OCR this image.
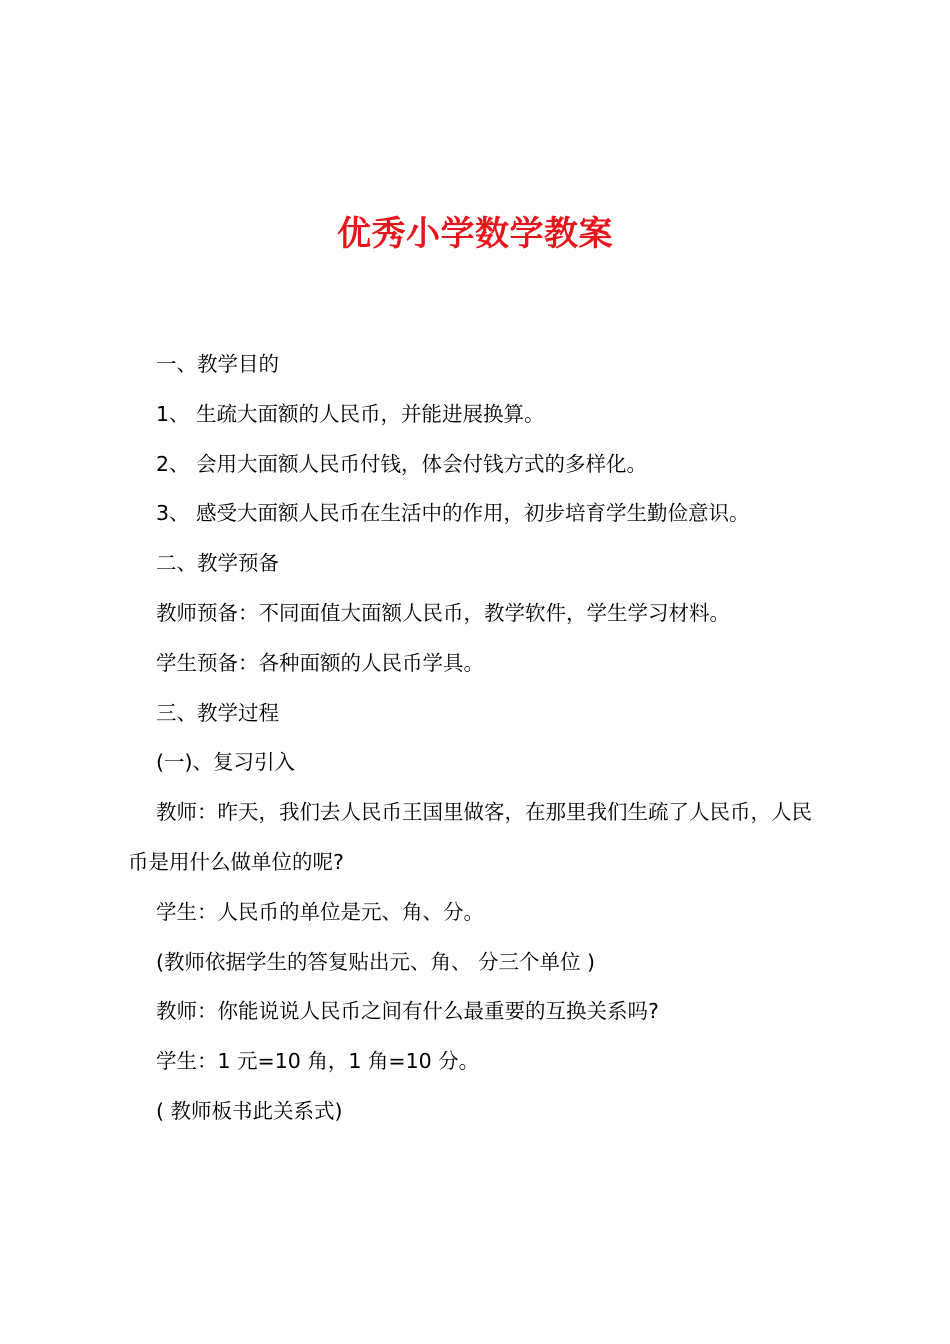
优秀小学数学教案

一、教学目的

1、 生疏大面额的人民币，并能进展换算。

2、 会用大面额人民币付钱，体会付钱方式的多样化。

3、 感受大面额人民币在生活中的作用，初步培育学生勤俭意识。

二、教学预备

教师预备：不同面值大面额人民币，教学软件，学生学习材料。

学生预备：各种面额的人民币学具。

三、教学过程

(一)、复习引入

教师：昨天，我们去人民币王国里做客，在那里我们生疏了人民币，人民币是用什么做单位的呢?

学生：人民币的单位是元、角、分。

(教师依据学生的答复贴出元、角、 分三个单位 )

教师：你能说说人民币之间有什么最重要的互换关系吗?

学生：1 元=10 角，1 角=10 分。

( 教师板书此关系式)
